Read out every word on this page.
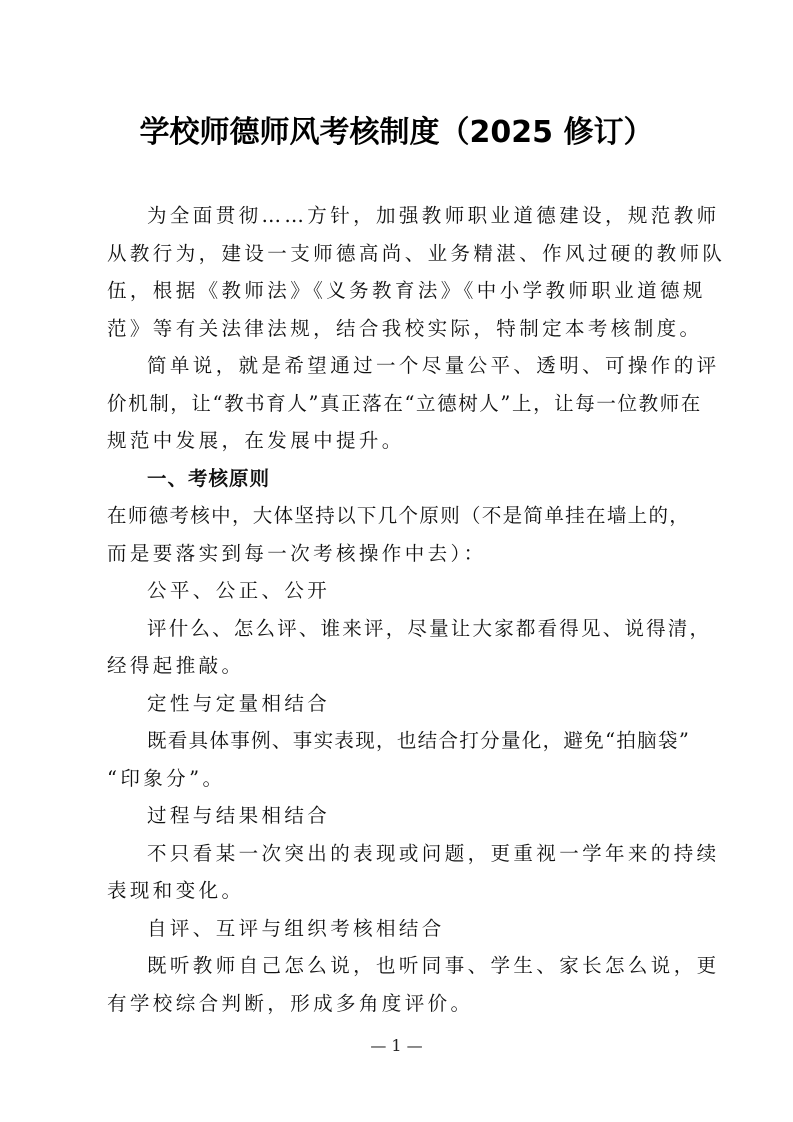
学校师德师风考核制度（2025 修订）
为全面贯彻……方针，加强教师职业道德建设，规范教师
从教行为，建设一支师德高尚、业务精湛、作风过硬的教师队
伍，根据《教师法》《义务教育法》《中小学教师职业道德规
范》等有关法律法规，结合我校实际，特制定本考核制度。
简单说，就是希望通过一个尽量公平、透明、可操作的评
价机制，让“教书育人”真正落在“立德树人”上，让每一位教师在
规范中发展，在发展中提升。
一、考核原则
在师德考核中，大体坚持以下几个原则（不是简单挂在墙上的，
而是要落实到每一次考核操作中去）：
公平、公正、公开
评什么、怎么评、谁来评，尽量让大家都看得见、说得清，
经得起推敲。
定性与定量相结合
既看具体事例、事实表现，也结合打分量化，避免“拍脑袋”
“印象分”。
过程与结果相结合
不只看某一次突出的表现或问题，更重视一学年来的持续
表现和变化。
自评、互评与组织考核相结合
既听教师自己怎么说，也听同事、学生、家长怎么说，更
有学校综合判断，形成多角度评价。
— 1 —
